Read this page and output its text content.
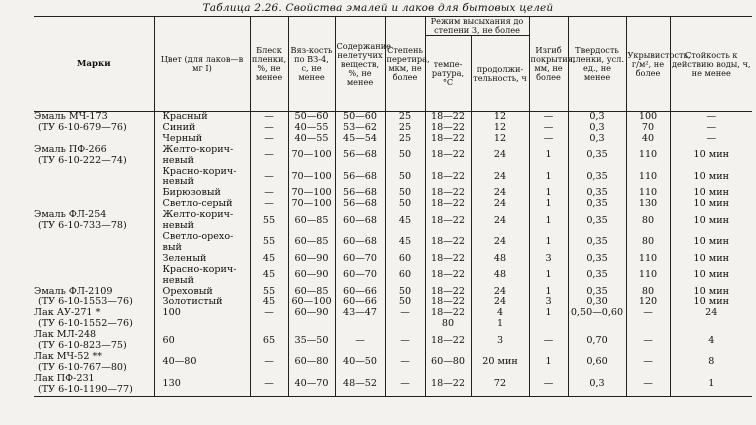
Таблица 2.26. Свойства эмалей и лаков для бытовых целей
Марки	Цвет (для лаков—в мг I)	Блеск пленки, %, не менее	Вяз-кость по ВЗ-4, с, не менее	Содержание нелетучих веществ, %, не менее	Степень перетира, мкм, не более	Режим высыхания до степени 3, не более		Изгиб покрытия, мм, не более	Твердость пленки, усл. ед., не менее	Укрывистость, г/м², не более	Стойкость к действию воды, ч, не менее
						темпе-ратура, °С	продолжи-тельность, ч				

Эмаль МЧ-173	Красный	—	50—60	50—60	25	18—22	12	—	0,3	100	—

(ТУ 6-10-679—76)	Синий	—	40—55	53—62	25	18—22	12	—	0,3	70	—

	Черный	—	40—55	45—54	25	18—22	12	—	0,3	40	—

Эмаль ПФ-266
(ТУ 6-10-222—74)	Желто-корич-
невый	—	70—100	56—68	50	18—22	24	1	0,35	110	10 мин

	Красно-корич-
невый	—	70—100	56—68	50	18—22	24	1	0,35	110	10 мин

	Бирюзовый	—	70—100	56—68	50	18—22	24	1	0,35	110	10 мин

	Светло-серый	—	70—100	56—68	50	18—22	24	1	0,35	130	10 мин

Эмаль ФЛ-254
(ТУ 6-10-733—78)	Желто-корич-
невый	55	60—85	60—68	45	18—22	24	1	0,35	80	10 мин

	Светло-орехо-
вый	55	60—85	60—68	45	18—22	24	1	0,35	80	10 мин

	Зеленый	45	60—90	60—70	60	18—22	48	3	0,35	110	10 мин

	Красно-корич-
невый	45	60—90	60—70	60	18—22	48	1	0,35	110	10 мин

Эмаль ФЛ-2109	Ореховый	55	60—85	60—66	50	18—22	24	1	0,35	80	10 мин

(ТУ 6-10-1553—76)	Золотистый	45	60—100	60—66	50	18—22	24	3	0,30	120	10 мин

Лак АУ-271 *	100	—	60—90	43—47	—	18—22	4	1	0,50—0,60	—	24

(ТУ 6-10-1552—76)						80	1				

Лак МЛ-248
(ТУ 6-10-823—75)	60	65	35—50	—	—	18—22	3	—	0,70	—	4

Лак МЧ-52 **
(ТУ 6-10-767—80)	40—80	—	60—80	40—50	—	60—80	20 мин	1	0,60	—	8

Лак ПФ-231
(ТУ 6-10-1190—77)	130	—	40—70	48—52	—	18—22	72	—	0,3	—	1
